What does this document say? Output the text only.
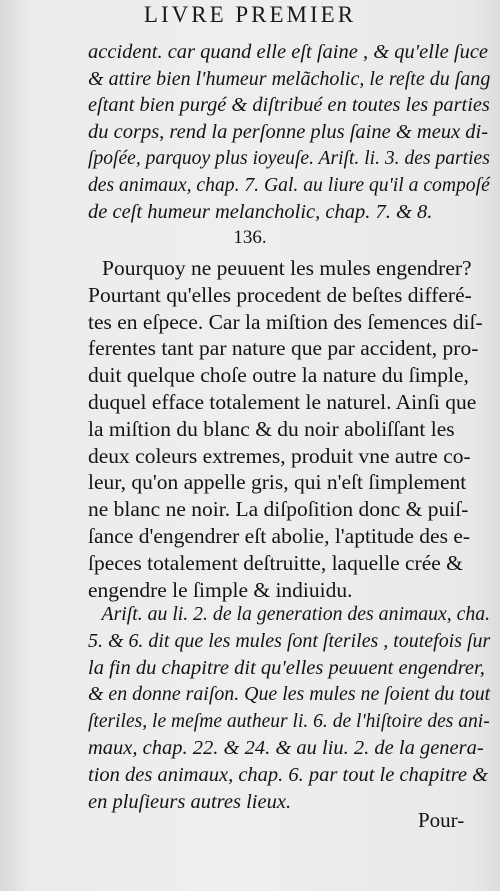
LIVRE PREMIER
accident. car quand elle eſt ſaine , & qu'elle ſuce
& attire bien l'humeur melãcholic, le reſte du ſang
eſtant bien purgé & diſtribué en toutes les parties
du corps, rend la perſonne plus ſaine & meux di-
ſpoſée, parquoy plus ioyeuſe. Ariſt. li. 3. des parties
des animaux, chap. 7. Gal. au liure qu'il a compoſé
de ceſt humeur melancholic, chap. 7. & 8.
136.
Pourquoy ne peuuent les mules engendrer?
Pourtant qu'elles procedent de beſtes differé-
tes en eſpece. Car la miſtion des ſemences diſ-
ferentes tant par nature que par accident, pro-
duit quelque choſe outre la nature du ſimple,
duquel efface totalement le naturel. Ainſi que
la miſtion du blanc & du noir aboliſſant les
deux coleurs extremes, produit vne autre co-
leur, qu'on appelle gris, qui n'eſt ſimplement
ne blanc ne noir. La diſpoſition donc & puiſ-
ſance d'engendrer eſt abolie, l'aptitude des e-
ſpeces totalement deſtruitte, laquelle crée &
engendre le ſimple & indiuidu.
Ariſt. au li. 2. de la generation des animaux, cha.
5. & 6. dit que les mules ſont ſteriles , toutefois ſur
la fin du chapitre dit qu'elles peuuent engendrer,
& en donne raiſon. Que les mules ne ſoient du tout
ſteriles, le meſme autheur li. 6. de l'hiſtoire des ani-
maux, chap. 22. & 24. & au liu. 2. de la genera-
tion des animaux, chap. 6. par tout le chapitre &
en pluſieurs autres lieux.
Pour-
